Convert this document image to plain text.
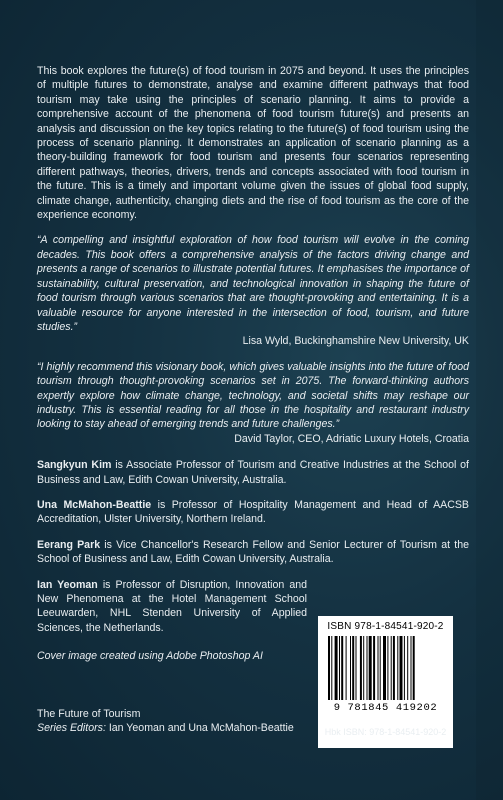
This book explores the future(s) of food tourism in 2075 and beyond. It uses the principles of multiple futures to demonstrate, analyse and examine different pathways that food tourism may take using the principles of scenario planning. It aims to provide a comprehensive account of the phenomena of food tourism future(s) and presents an analysis and discussion on the key topics relating to the future(s) of food tourism using the process of scenario planning. It demonstrates an application of scenario planning as a theory-building framework for food tourism and presents four scenarios representing different pathways, theories, drivers, trends and concepts associated with food tourism in the future. This is a timely and important volume given the issues of global food supply, climate change, authenticity, changing diets and the rise of food tourism as the core of the experience economy.

“A compelling and insightful exploration of how food tourism will evolve in the coming decades. This book offers a comprehensive analysis of the factors driving change and presents a range of scenarios to illustrate potential futures. It emphasises the importance of sustainability, cultural preservation, and technological innovation in shaping the future of food tourism through various scenarios that are thought-provoking and entertaining. It is a valuable resource for anyone interested in the intersection of food, tourism, and future studies.”

Lisa Wyld, Buckinghamshire New University, UK

“I highly recommend this visionary book, which gives valuable insights into the future of food tourism through thought-provoking scenarios set in 2075. The forward-thinking authors expertly explore how climate change, technology, and societal shifts may reshape our industry. This is essential reading for all those in the hospitality and restaurant industry looking to stay ahead of emerging trends and future challenges.”

David Taylor, CEO, Adriatic Luxury Hotels, Croatia

Sangkyun Kim is Associate Professor of Tourism and Creative Industries at the School of Business and Law, Edith Cowan University, Australia.

Una McMahon-Beattie is Professor of Hospitality Management and Head of AACSB Accreditation, Ulster University, Northern Ireland.

Eerang Park is Vice Chancellor's Research Fellow and Senior Lecturer of Tourism at the School of Business and Law, Edith Cowan University, Australia.

Ian Yeoman is Professor of Disruption, Innovation and New Phenomena at the Hotel Management School Leeuwarden, NHL Stenden University of Applied Sciences, the Netherlands.

Cover image created using Adobe Photoshop AI

The Future of Tourism
Series Editors: Ian Yeoman and Una McMahon-Beattie
ISBN 978-1-84541-920-2
9 781845 419202
Hbk ISBN: 978-1-84541-920-2
